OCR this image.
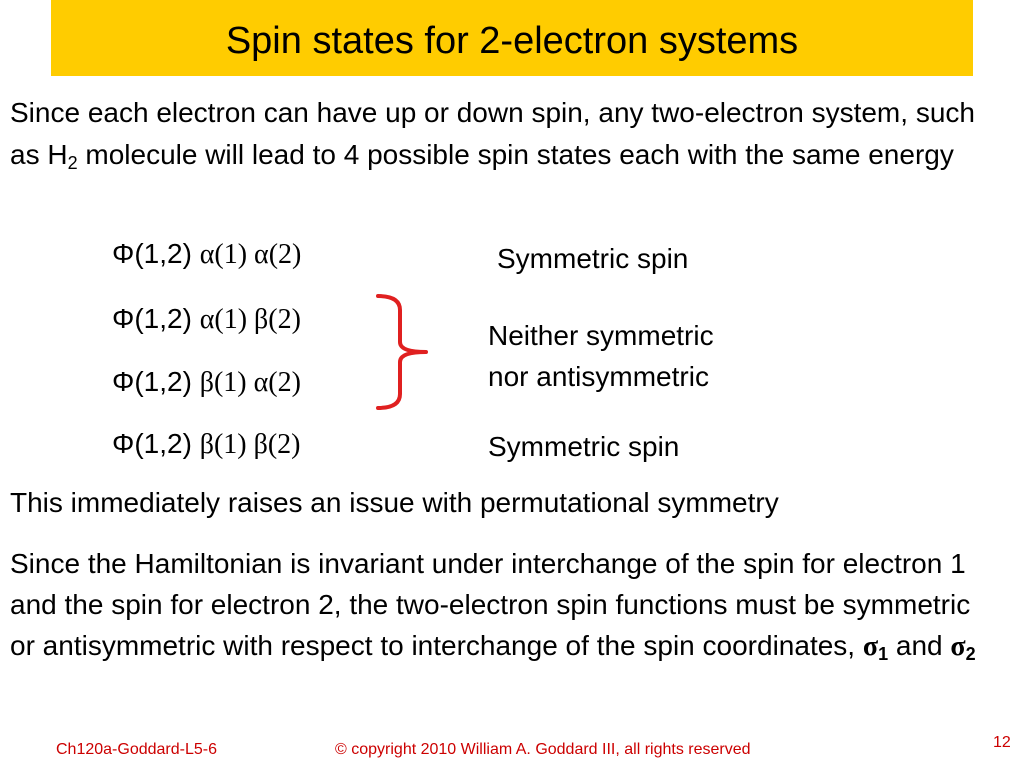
Spin states for 2-electron systems

Since each electron can have up or down spin, any two-electron system, such as $H_2$ molecule will lead to 4 possible spin states each with the same energy

Φ(1,2) α(1) α(2)
Φ(1,2) α(1) β(2)
Φ(1,2) β(1) α(2)
Φ(1,2) β(1) β(2)
Symmetric spin
Neither symmetric
nor antisymmetric
Symmetric spin

This immediately raises an issue with permutational symmetry

Since the Hamiltonian is invariant under interchange of the spin for electron 1 and the spin for electron 2, the two-electron spin functions must be symmetric or antisymmetric with respect to interchange of the spin coordinates, $\sigma_1$ and $\sigma_2$

Ch120a-Goddard-L5-6	© copyright 2010 William A. Goddard III, all rights reserved	12
